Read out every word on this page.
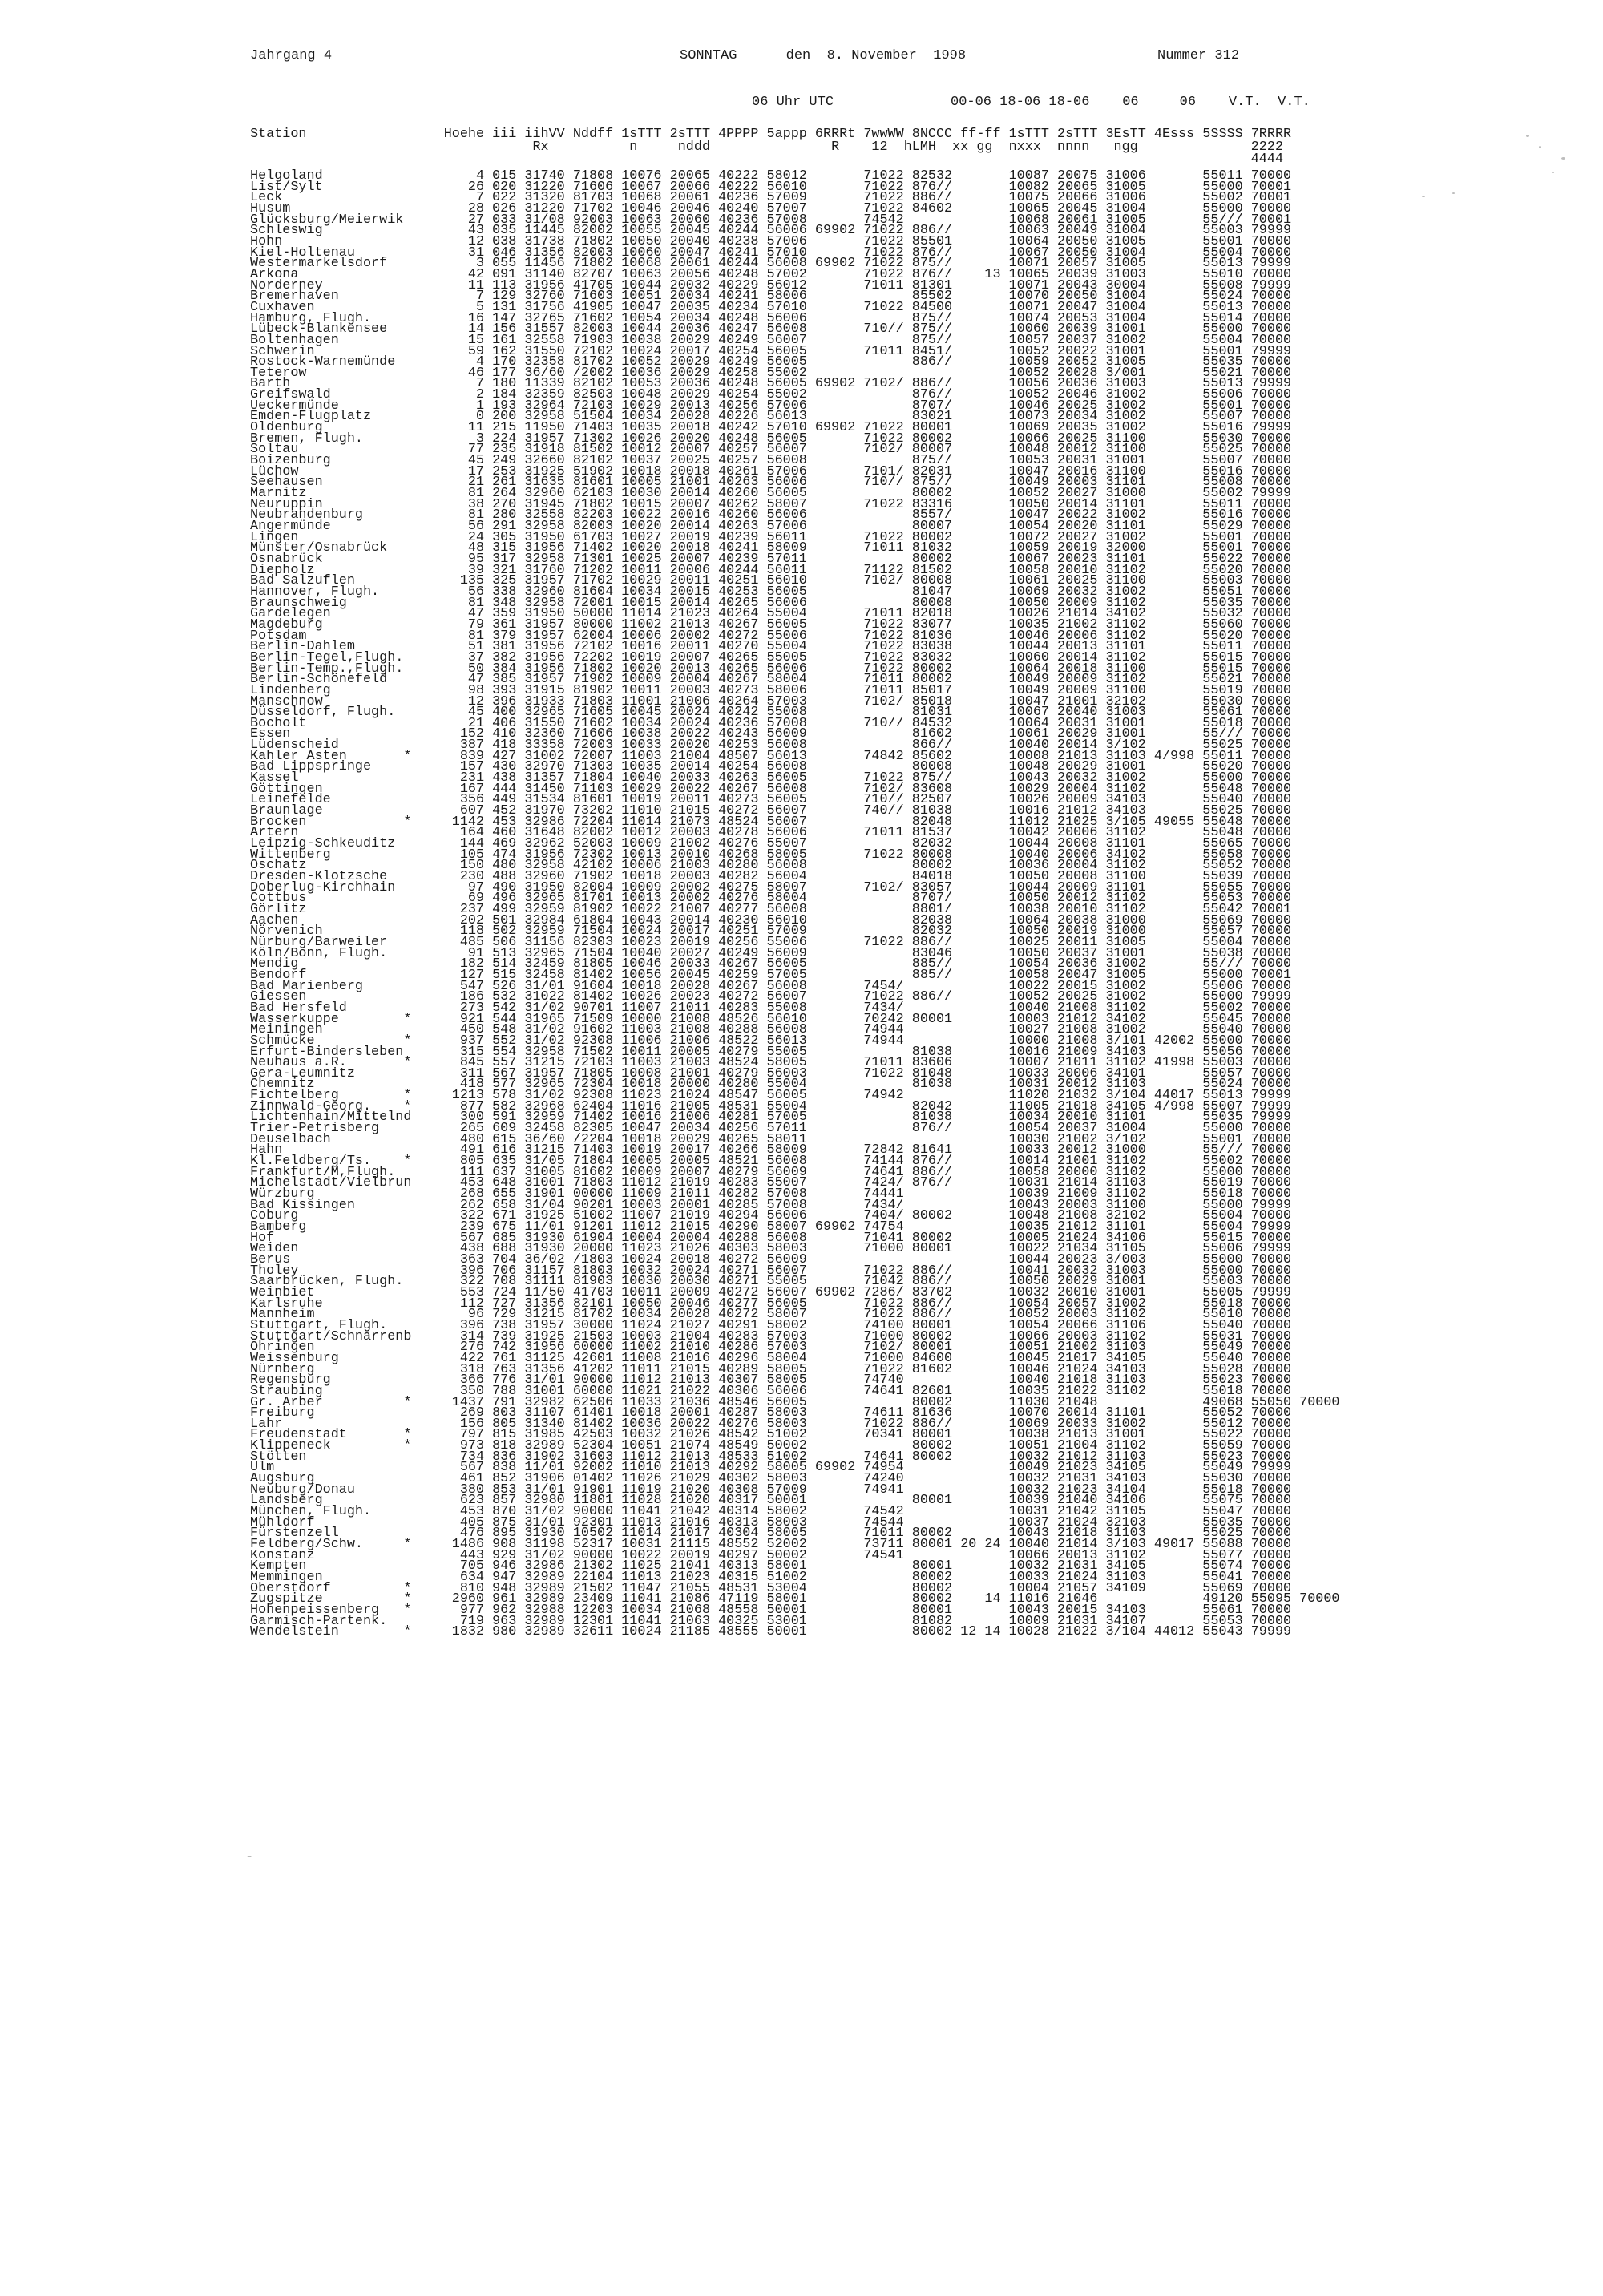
Jahrgang 4	SONNTAG      den  8. November  1998	Nummer 312
06 Uhr UTC	00-06 18-06 18-06    06     06    V.T.  V.T.
Station                 Hoehe iii iihVV Nddff 1sTTT 2sTTT 4PPPP 5appp 6RRRt 7wwWW 8NCCC ff-ff 1sTTT 2sTTT 3EsTT 4Esss 5SSSS 7RRRR
Rx          n     nddd               R    12  hLMH  xx gg  nxxx  nnnn   ngg              2222
4444
Helgoland                   4 015 31740 71808 10076 20065 40222 58012       71022 82532       10087 20075 31006       55011 70000
List/Sylt                  26 020 31220 71606 10067 20066 40222 56010       71022 876//       10082 20065 31005       55000 70001
Leck                        7 022 31320 81703 10068 20061 40236 57009       71022 886//       10075 20066 31006       55002 70001
Husum                      28 026 31220 71702 10046 20046 40240 57007       71022 84602       10065 20045 31004       55000 70000
Glücksburg/Meierwik        27 033 31/08 92003 10063 20060 40236 57008       74542             10068 20061 31005       55/// 70001
Schleswig                  43 035 11445 82002 10055 20045 40244 56006 69902 71022 886//       10063 20049 31004       55003 79999
Hohn                       12 038 31738 71802 10050 20040 40238 57006       71022 85501       10064 20050 31005       55001 70000
Kiel-Holtenau              31 046 31356 82003 10060 20047 40241 57010       71022 876//       10067 20050 31004       55004 70000
Westermarkelsdorf           3 055 11456 71802 10068 20061 40244 56008 69902 71022 875//       10071 20057 31005       55013 79999
Arkona                     42 091 31140 82707 10063 20056 40248 57002       71022 876//    13 10065 20039 31003       55010 70000
Norderney                  11 113 31956 41705 10044 20032 40229 56012       71011 81301       10071 20043 30004       55008 79999
Bremerhaven                 7 129 32760 71603 10051 20034 40241 58006             85502       10070 20050 31004       55024 70000
Cuxhaven                    5 131 31756 41905 10047 20035 40234 57010       71022 84500       10071 20047 31004       55013 70000
Hamburg, Flugh.            16 147 32765 71602 10054 20034 40248 56006             875//       10074 20053 31004       55014 70000
Lübeck-Blankensee          14 156 31557 82003 10044 20036 40247 56008       710// 875//       10060 20039 31001       55000 70000
Boltenhagen                15 161 32558 71903 10038 20029 40249 56007             875//       10057 20037 31002       55004 70000
Schwerin                   59 162 31550 72102 10024 20017 40254 56005       71011 8451/       10052 20022 31001       55001 79999
Rostock-Warnemünde          4 170 32358 81702 10052 20029 40249 56005             886//       10059 20052 31005       55035 70000
Teterow                    46 177 36/60 /2002 10036 20029 40258 55002                         10052 20028 3/001       55021 70000
Barth                       7 180 11339 82102 10053 20036 40248 56005 69902 7102/ 886//       10056 20036 31003       55013 79999
Greifswald                  2 184 32359 82503 10048 20029 40254 55002             876//       10052 20046 31002       55006 70000
Ueckermünde                 1 193 32964 72103 10029 20013 40256 57006             8707/       10046 20025 31002       55001 70000
Emden-Flugplatz             0 200 32958 51504 10034 20028 40226 56013             83021       10073 20034 31002       55007 70000
Oldenburg                  11 215 11950 71403 10035 20018 40242 57010 69902 71022 80001       10069 20035 31002       55016 79999
Bremen, Flugh.              3 224 31957 71302 10026 20020 40248 56005       71022 80002       10066 20025 31100       55030 70000
Soltau                     77 235 31918 81502 10012 20007 40257 56007       7102/ 80007       10048 20012 31100       55025 70000
Boizenburg                 45 249 32660 82102 10037 20025 40257 56008             875//       10053 20031 31001       55007 70000
Lüchow                     17 253 31925 51902 10018 20018 40261 57006       7101/ 82031       10047 20016 31100       55016 70000
Seehausen                  21 261 31635 81601 10005 21001 40263 56006       710// 875//       10049 20003 31101       55008 70000
Marnitz                    81 264 32960 62103 10030 20014 40260 56005             80002       10052 20027 31000       55002 79999
Neuruppin                  38 270 31945 71802 10015 20007 40262 58007       71022 83316       10050 20014 31101       55011 70000
Neubrandenburg             81 280 32558 82203 10022 20016 40260 56006             8557/       10047 20022 31002       55016 70000
Angermünde                 56 291 32958 82003 10020 20014 40263 57006             80007       10054 20020 31101       55029 70000
Lingen                     24 305 31950 61703 10027 20019 40239 56011       71022 80002       10072 20027 31002       55001 70000
Münster/Osnabrück          48 315 31956 71402 10020 20018 40241 58009       71011 81032       10059 20019 32000       55001 70000
Osnabrück                  95 317 32958 71301 10025 20007 40239 57011             80002       10067 20023 31101       55022 70000
Diepholz                   39 321 31760 71202 10011 20006 40244 56011       71122 81502       10058 20010 31102       55020 70000
Bad Salzuflen             135 325 31957 71702 10029 20011 40251 56010       7102/ 80008       10061 20025 31100       55003 70000
Hannover, Flugh.           56 338 32960 81604 10034 20015 40253 56005             81047       10069 20032 31002       55051 70000
Braunschweig               81 348 32958 72001 10015 20014 40265 56006             80008       10050 20009 31102       55035 70000
Gardelegen                 47 359 31950 50000 11014 21023 40264 55004       71011 82018       10026 21014 34102       55032 70000
Magdeburg                  79 361 31957 80000 11002 21013 40267 56005       71022 83077       10035 21002 31102       55060 70000
Potsdam                    81 379 31957 62004 10006 20002 40272 55006       71022 81036       10046 20006 31102       55020 70000
Berlin-Dahlem              51 381 31956 72102 10016 20011 40270 55004       71022 83038       10044 20013 31101       55011 70000
Berlin-Tegel,Flugh.        37 382 31956 72202 10019 20007 40265 55005       71022 83032       10060 20014 31102       55015 70000
Berlin-Temp.,Flugh.        50 384 31956 71802 10020 20013 40265 56006       71022 80002       10064 20018 31100       55015 70000
Berlin-Schönefeld          47 385 31957 71902 10009 20004 40267 58004       71011 80002       10049 20009 31102       55021 70000
Lindenberg                 98 393 31915 81902 10011 20003 40273 58006       71011 85017       10049 20009 31100       55019 70000
Manschnow                  12 396 31933 71803 11001 21006 40264 57003       7102/ 85018       10047 21001 32102       55030 70000
Düsseldorf, Flugh.         45 400 32965 71605 10045 20024 40242 55008             81031       10067 20040 31003       55061 70000
Bocholt                    21 406 31550 71602 10034 20024 40236 57008       710// 84532       10064 20031 31001       55018 70000
Essen                     152 410 32360 71606 10038 20022 40243 56009             81602       10061 20029 31001       55/// 70000
Lüdenscheid               387 418 33358 72003 10033 20020 40253 56008             866//       10040 20014 3/102       55025 70000
Kahler Asten       *      839 427 31002 72007 11003 21004 48507 56013       74842 85602       10008 21013 31103 4/998 55011 70000
Bad Lippspringe           157 430 32970 71303 10035 20014 40254 56008             80008       10048 20029 31001       55020 70000
Kassel                    231 438 31357 71804 10040 20033 40263 56005       71022 875//       10043 20032 31002       55000 70000
Göttingen                 167 444 31450 71103 10029 20022 40267 56008       7102/ 83608       10029 20004 31102       55048 70000
Leinefelde                356 449 31534 81601 10019 20011 40273 56005       710// 82507       10026 20009 34103       55040 70000
Braunlage                 607 452 31970 73202 11010 21015 40272 56007       740// 81038       10016 21012 34103       55025 70000
Brocken            *     1142 453 32986 72204 11014 21073 48524 56007             82048       11012 21025 3/105 49055 55048 70000
Artern                    164 460 31648 82002 10012 20003 40278 56006       71011 81537       10042 20006 31102       55048 70000
Leipzig-Schkeuditz        144 469 32962 52003 10009 21002 40276 55007             82032       10044 20008 31101       55065 70000
Wittenberg                105 474 31956 72302 10013 20010 40268 58005       71022 80008       10040 20006 34102       55058 70000
Oschatz                   150 480 32958 42102 10006 21003 40280 56008             80002       10036 20004 31102       55052 70000
Dresden-Klotzsche         230 488 32960 71902 10018 20003 40282 56004             84018       10050 20008 31100       55039 70000
Doberlug-Kirchhain         97 490 31950 82004 10009 20002 40275 58007       7102/ 83057       10044 20009 31101       55055 70000
Cottbus                    69 496 32965 81701 10013 20002 40276 58004             8707/       10050 20012 31102       55053 70000
Görlitz                   237 499 32959 81902 10022 21007 40277 56008             8801/       10038 20010 31102       55042 70001
Aachen                    202 501 32984 61804 10043 20014 40230 56010             82038       10064 20038 31000       55069 70000
Nörvenich                 118 502 32959 71504 10024 20017 40251 57009             82032       10050 20019 31000       55057 70000
Nürburg/Barweiler         485 506 31156 82303 10023 20019 40256 55006       71022 886//       10025 20011 31005       55004 70000
Köln/Bonn, Flugh.          91 513 32965 71504 10040 20027 40249 56009             83046       10050 20037 31001       55038 70000
Mendig                    182 514 32459 81805 10046 20033 40267 56005             885//       10054 20036 31002       55/// 70000
Bendorf                   127 515 32458 81402 10056 20045 40259 57005             885//       10058 20047 31005       55000 70001
Bad Marienberg            547 526 31/01 91604 10018 20028 40267 56008       7454/             10022 20015 31002       55006 70000
Giessen                   186 532 31022 81402 10026 20023 40272 56007       71022 886//       10052 20025 31002       55000 79999
Bad Hersfeld              273 542 31/02 90701 11007 21011 40283 55008       7434/             10040 21008 31102       55002 70000
Wasserkuppe        *      921 544 31965 71509 10000 21008 48526 56010       70242 80001       10003 21012 34102       55045 70000
Meiningen                 450 548 31/02 91602 11003 21008 40288 56008       74944             10027 21008 31002       55040 70000
Schmücke           *      937 552 31/02 92308 11006 21006 48522 56013       74944             10000 21008 3/101 42002 55000 70000
Erfurt-Bindersleben       315 554 32958 71502 10011 20005 40279 55005             81038       10016 21009 34103       55056 70000
Neuhaus a.R.       *      845 557 31215 72103 11003 21003 48524 58005       71011 83606       10007 21011 31102 41998 55003 70000
Gera-Leumnitz             311 567 31957 71805 10008 21001 40279 56003       71022 81048       10033 20006 34101       55057 70000
Chemnitz                  418 577 32965 72304 10018 20000 40280 55004             81038       10031 20012 31103       55024 70000
Fichtelberg        *     1213 578 31/02 92308 11023 21024 48547 56005       74942             11020 21032 3/104 44017 55013 79999
Zinnwald-Georg.    *      877 582 32968 62404 11016 21005 48531 55004             82042       11005 21018 34105 4/998 55007 79999
Lichtenhain/Mittelnd      300 591 32959 71402 10016 21006 40281 57005             81038       10034 20010 31101       55035 79999
Trier-Petrisberg          265 609 32458 82305 10047 20034 40256 57011             876//       10054 20037 31004       55000 70000
Deuselbach                480 615 36/60 /2204 10018 20029 40265 58011                         10030 21002 3/102       55001 70000
Hahn                      491 616 31215 71403 10019 20017 40266 58009       72842 81641       10033 20012 31000       55/// 70000
Kl.Feldberg/Ts.    *      805 635 31/05 71804 10005 20005 48521 56008       74144 876//       10014 21001 31102       55002 70000
Frankfurt/M,Flugh.        111 637 31005 81602 10009 20007 40279 56009       74641 886//       10058 20000 31102       55000 70000
Michelstadt/Vielbrun      453 648 31001 71803 11012 21019 40283 55007       7424/ 876//       10031 21014 31103       55019 70000
Würzburg                  268 655 31901 00000 11009 21011 40282 57008       74441             10039 21009 31102       55018 70000
Bad Kissingen             262 658 31/04 90201 10003 20001 40285 57008       7434/             10043 20003 31100       55000 79999
Coburg                    322 671 31925 51002 11007 21019 40294 56006       7404/ 80002       10048 21008 32102       55004 70000
Bamberg                   239 675 11/01 91201 11012 21015 40290 58007 69902 74754             10035 21012 31101       55004 79999
Hof                       567 685 31930 61904 10004 20004 40288 56008       71041 80002       10005 21024 34106       55015 70000
Weiden                    438 688 31930 20000 11023 21026 40303 58003       71000 80001       10022 21034 31105       55006 79999
Berus                     363 704 36/02 /1803 10024 20018 40272 56009                         10044 20023 3/003       55000 70000
Tholey                    396 706 31157 81803 10032 20024 40271 56007       71022 886//       10041 20032 31003       55000 70000
Saarbrücken, Flugh.       322 708 31111 81903 10030 20030 40271 55005       71042 886//       10050 20029 31001       55003 70000
Weinbiet                  553 724 11/50 41703 10011 20009 40272 56007 69902 7286/ 83702       10032 20010 31001       55005 79999
Karlsruhe                 112 727 31356 82101 10050 20046 40277 56005       71022 886//       10054 20057 31002       55018 70000
Mannheim                   96 729 31215 81702 10034 20028 40272 58007       71022 886//       10052 20003 31102       55010 70000
Stuttgart, Flugh.         396 738 31957 30000 11024 21027 40291 58002       74100 80001       10054 20066 31106       55040 70000
Stuttgart/Schnarrenb      314 739 31925 21503 10003 21004 40283 57003       71000 80002       10066 20003 31102       55031 70000
Öhringen                  276 742 31956 60000 11002 21010 40286 57003       7102/ 80001       10051 21002 31103       55049 70000
Weissenburg               422 761 31125 42601 11008 21016 40296 58004       71000 84600       10045 21017 34105       55040 70000
Nürnberg                  318 763 31356 41202 11011 21015 40289 58005       71022 81602       10046 21024 34103       55028 70000
Regensburg                366 776 31/01 90000 11012 21013 40307 58005       74740             10040 21018 31103       55023 70000
Straubing                 350 788 31001 60000 11021 21022 40306 56006       74641 82601       10035 21022 31102       55018 70000
Gr. Arber          *     1437 791 32982 62506 11033 21036 48546 56005             80002       11030 21048             49068 55050 70000
Freiburg                  269 803 31107 61401 10018 20001 40287 58003       74611 81636       10070 20014 31101       55052 70000
Lahr                      156 805 31340 81402 10036 20022 40276 58003       71022 886//       10069 20033 31002       55012 70000
Freudenstadt       *      797 815 31985 42503 10032 21026 48542 51002       70341 80001       10038 21013 31001       55022 70000
Klippeneck         *      973 818 32989 52304 10051 21074 48549 50002             80002       10051 21004 31102       55059 70000
Stötten                   734 836 31902 31603 11012 21013 48533 51002       74641 80002       10032 21012 31103       55023 70000
Ulm                       567 838 11/01 92002 11010 21013 40292 58005 69902 74954             10049 21023 34105       55049 79999
Augsburg                  461 852 31906 01402 11026 21029 40302 58003       74240             10032 21031 34103       55030 70000
Neuburg/Donau             380 853 31/01 91901 11019 21020 40308 57009       74941             10032 21023 34104       55018 70000
Landsberg                 623 857 32980 11801 11028 21020 40317 50001             80001       10039 21040 34106       55075 70000
München, Flugh.           453 870 31/02 90000 11041 21042 40314 58002       74542             10031 21042 31105       55047 70000
Mühldorf                  405 875 31/01 92301 11013 21016 40313 58003       74544             10037 21024 32103       55035 70000
Fürstenzell               476 895 31930 10502 11014 21017 40304 58005       71011 80002       10043 21018 31103       55025 70000
Feldberg/Schw.     *     1486 908 31198 52317 10031 21115 48552 52002       73711 80001 20 24 10040 21014 3/103 49017 55088 70000
Konstanz                  443 929 31/02 90000 10022 20019 40297 50002       74541             10066 20013 31102       55077 70000
Kempten                   705 946 32986 21302 11025 21041 40313 58001             80001       10032 21031 34105       55074 70000
Memmingen                 634 947 32989 22104 11013 21023 40315 51002             80002       10033 21024 31103       55041 70000
Oberstdorf         *      810 948 32989 21502 11047 21055 48531 53004             80002       10004 21057 34109       55069 70000
Zugspitze          *     2960 961 32989 23409 11041 21086 47119 58001             80002    14 11016 21046             49120 55095 70000
Hohenpeissenberg   *      977 962 32988 12203 10034 21068 48558 50001             80001       10043 20015 34103       55061 70000
Garmisch-Partenk.         719 963 32989 12301 11041 21063 40325 53001             81082       10009 21031 34107       55053 70000
Wendelstein        *     1832 980 32989 32611 10024 21185 48555 50001             80002 12 14 10028 21022 3/104 44012 55043 79999
-
